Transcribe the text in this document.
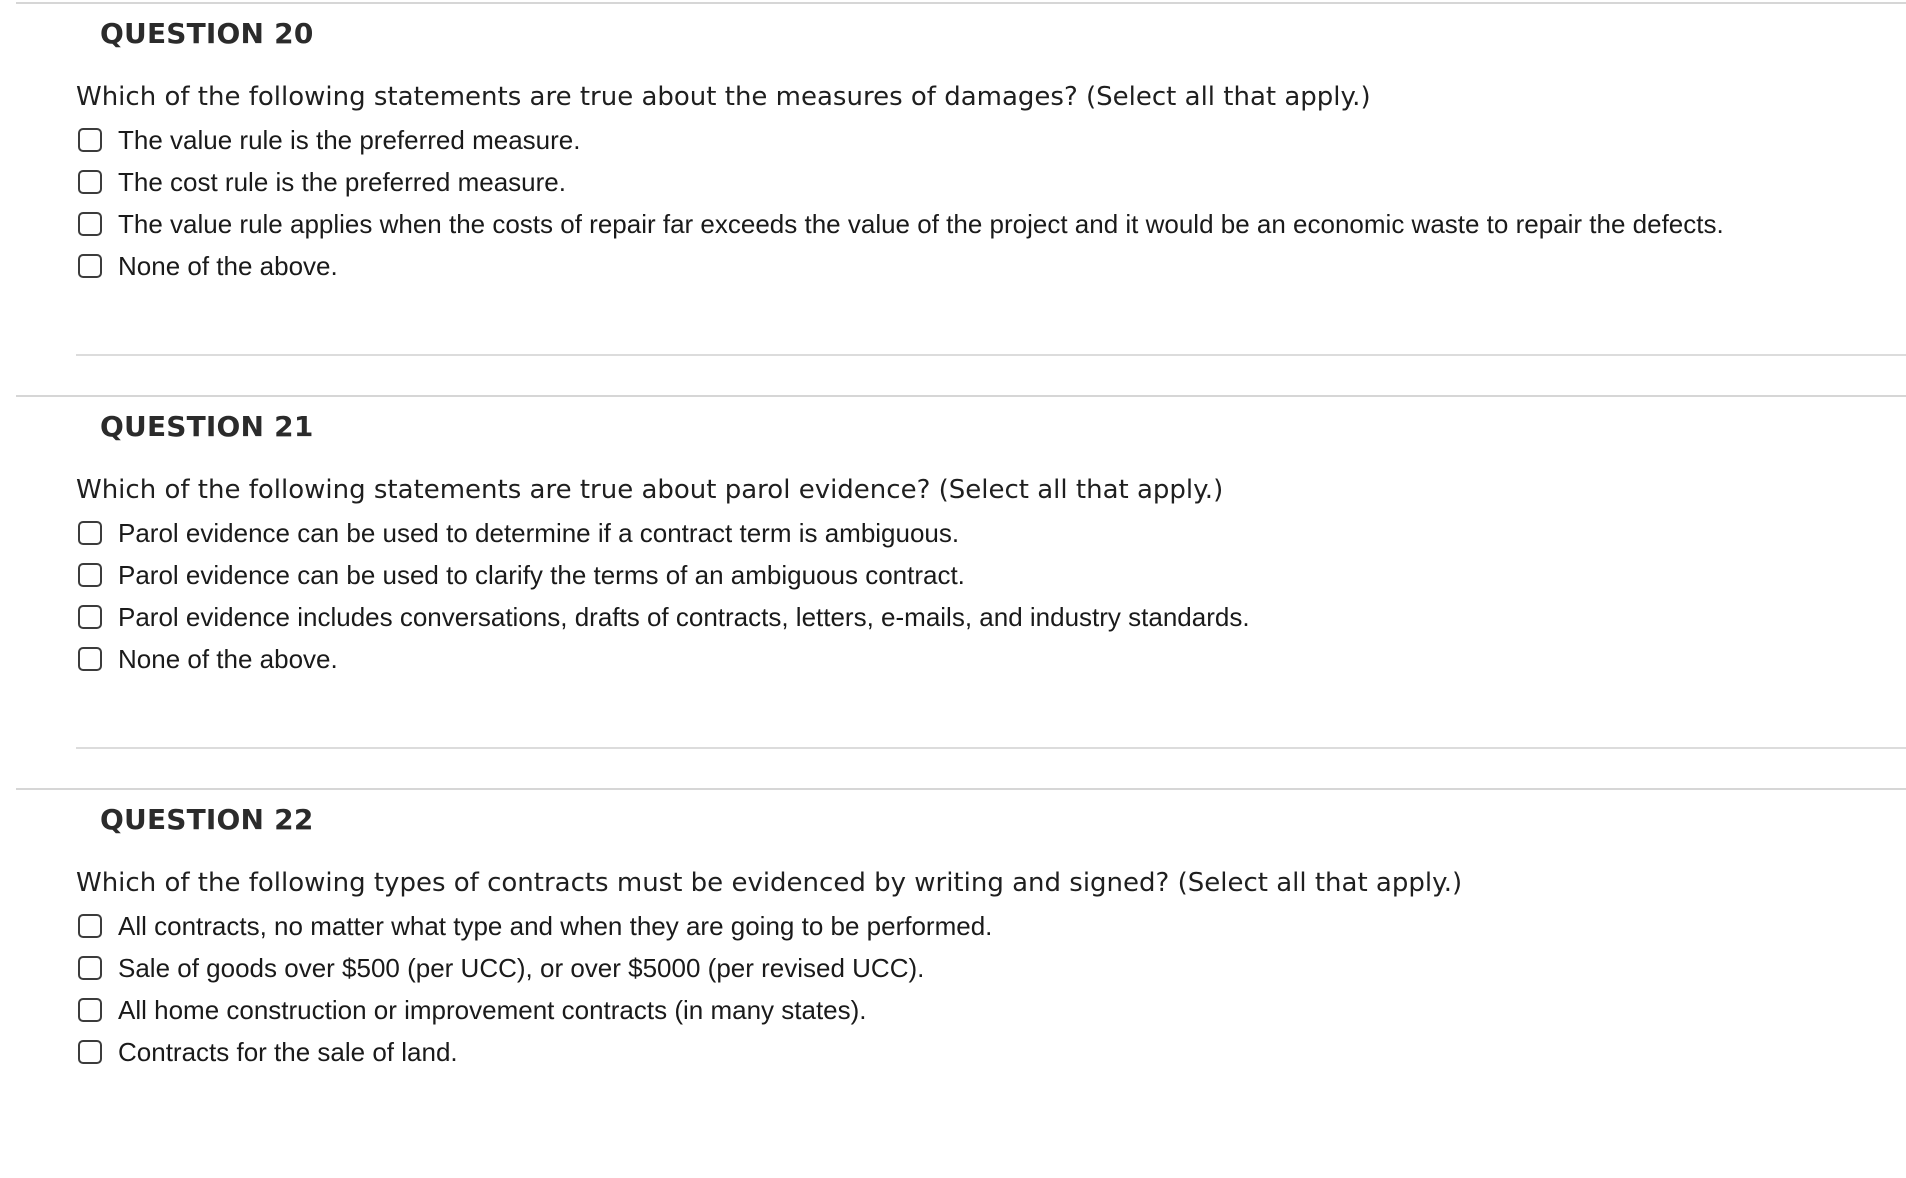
QUESTION 20

Which of the following statements are true about the measures of damages? (Select all that apply.)

The value rule is the preferred measure.
The cost rule is the preferred measure.
The value rule applies when the costs of repair far exceeds the value of the project and it would be an economic waste to repair the defects.
None of the above.
QUESTION 21

Which of the following statements are true about parol evidence? (Select all that apply.)

Parol evidence can be used to determine if a contract term is ambiguous.
Parol evidence can be used to clarify the terms of an ambiguous contract.
Parol evidence includes conversations, drafts of contracts, letters, e-mails, and industry standards.
None of the above.
QUESTION 22

Which of the following types of contracts must be evidenced by writing and signed? (Select all that apply.)

All contracts, no matter what type and when they are going to be performed.
Sale of goods over $500 (per UCC), or over $5000 (per revised UCC).
All home construction or improvement contracts (in many states).
Contracts for the sale of land.
